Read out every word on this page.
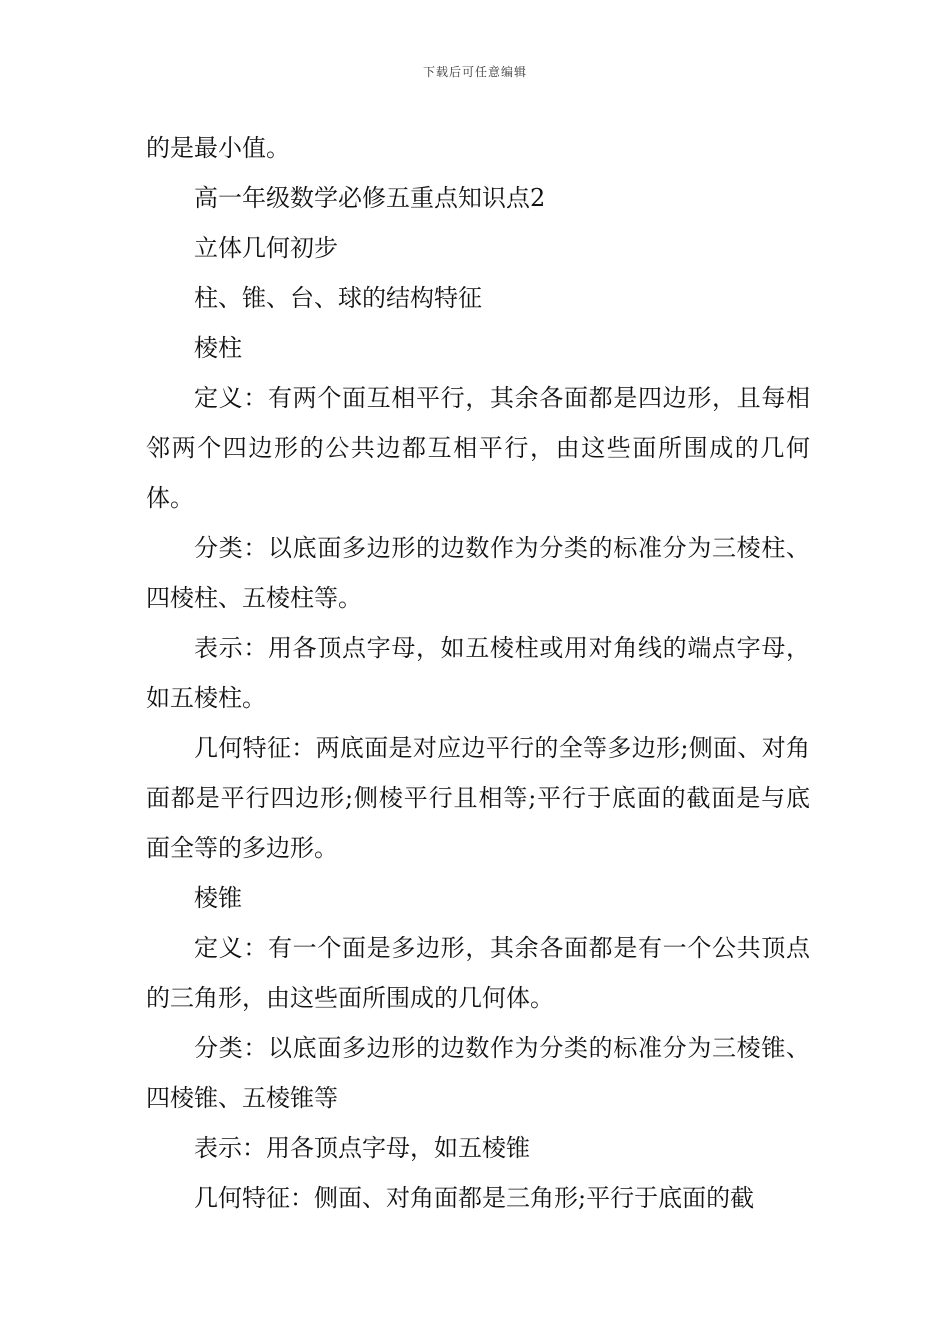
下载后可任意编辑

的是最小值。

高一年级数学必修五重点知识点2

立体几何初步

柱、锥、台、球的结构特征

棱柱

定义：有两个面互相平行，其余各面都是四边形，且每相邻两个四边形的公共边都互相平行，由这些面所围成的几何体。

分类：以底面多边形的边数作为分类的标准分为三棱柱、四棱柱、五棱柱等。

表示：用各顶点字母，如五棱柱或用对角线的端点字母，如五棱柱。

几何特征：两底面是对应边平行的全等多边形;侧面、对角面都是平行四边形;侧棱平行且相等;平行于底面的截面是与底面全等的多边形。

棱锥

定义：有一个面是多边形，其余各面都是有一个公共顶点的三角形，由这些面所围成的几何体。

分类：以底面多边形的边数作为分类的标准分为三棱锥、四棱锥、五棱锥等

表示：用各顶点字母，如五棱锥

几何特征：侧面、对角面都是三角形;平行于底面的截
